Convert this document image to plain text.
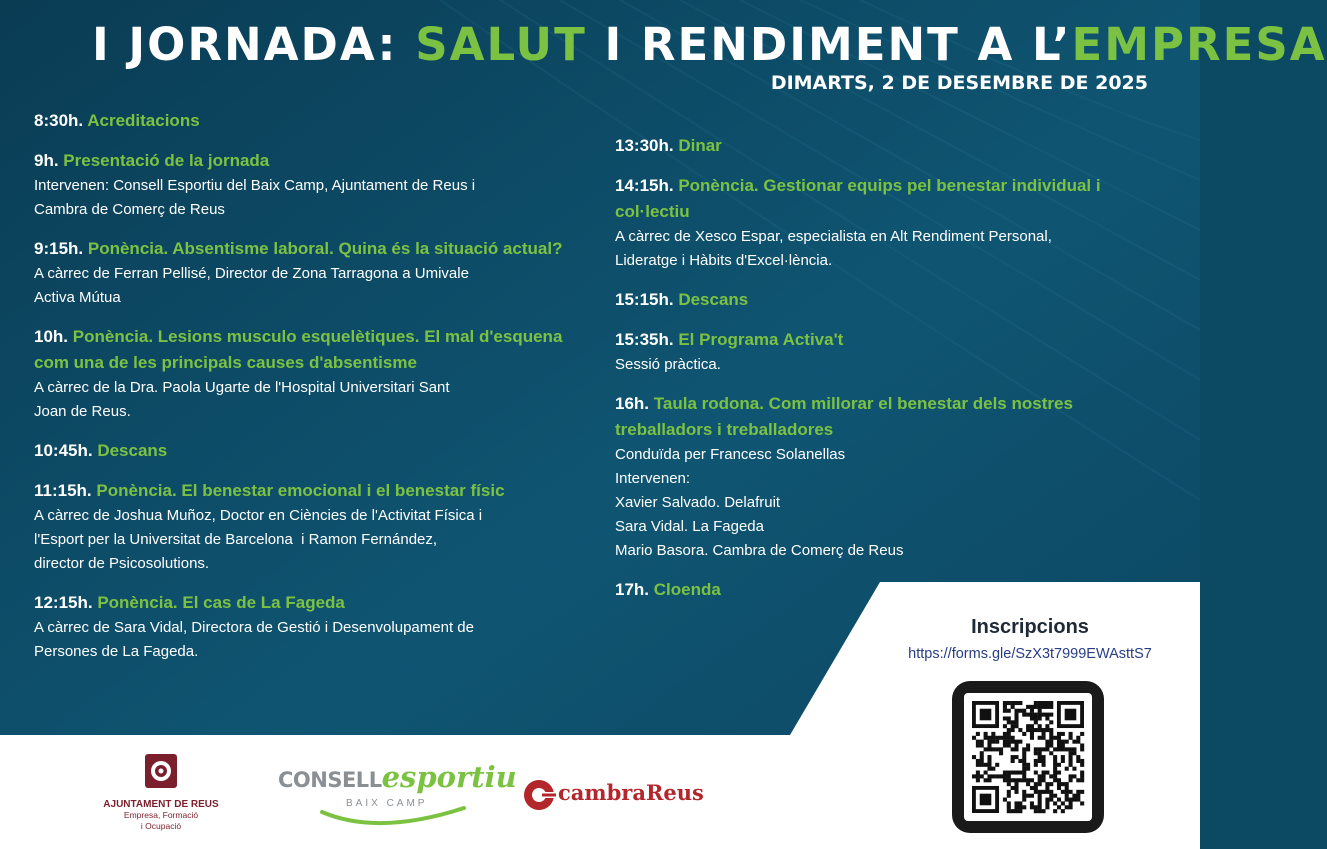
I JORNADA: SALUT I RENDIMENT A L’EMPRESA
DIMARTS, 2 DE DESEMBRE DE 2025
8:30h. Acreditacions
9h. Presentació de la jornada
Intervenen: Consell Esportiu del Baix Camp, Ajuntament de Reus i
Cambra de Comerç de Reus
9:15h. Ponència. Absentisme laboral. Quina és la situació actual?
A càrrec de Ferran Pellisé, Director de Zona Tarragona a Umivale
Activa Mútua
10h. Ponència. Lesions musculo esquelètiques. El mal d'esquena com una de les principals causes d'absentisme
A càrrec de la Dra. Paola Ugarte de l'Hospital Universitari Sant
Joan de Reus.
10:45h. Descans
11:15h. Ponència. El benestar emocional i el benestar físic
A càrrec de Joshua Muñoz, Doctor en Ciències de l'Activitat Física i
l'Esport per la Universitat de Barcelona  i Ramon Fernández,
director de Psicosolutions.
12:15h. Ponència. El cas de La Fageda
A càrrec de Sara Vidal, Directora de Gestió i Desenvolupament de
Persones de La Fageda.
13:30h. Dinar
14:15h. Ponència. Gestionar equips pel benestar individual i col·lectiu
A càrrec de Xesco Espar, especialista en Alt Rendiment Personal,
Lideratge i Hàbits d'Excel·lència.
15:15h. Descans
15:35h. El Programa Activa't
Sessió pràctica.
16h. Taula rodona. Com millorar el benestar dels nostres treballadors i treballadores
Conduïda per Francesc Solanellas
Intervenen:
Xavier Salvado. Delafruit
Sara Vidal. La Fageda
Mario Basora. Cambra de Comerç de Reus
17h. Cloenda
Inscripcions
https://forms.gle/SzX3t7999EWAsttS7
AJUNTAMENT DE REUS
Empresa, Formació
i Ocupació
CONSELLesportiu
BAIX CAMP	cambraReus
